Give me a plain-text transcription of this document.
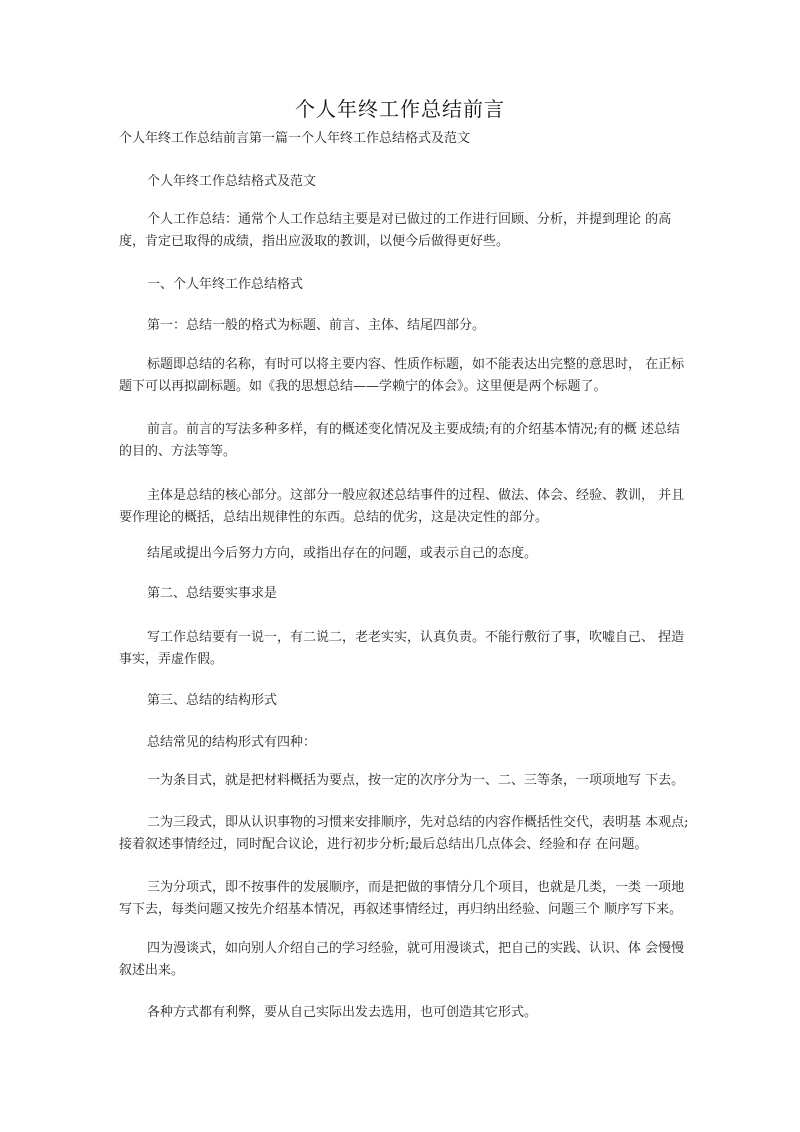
个人年终工作总结前言
个人年终工作总结前言第一篇一个人年终工作总结格式及范文
个人年终工作总结格式及范文
个人工作总结：通常个人工作总结主要是对已做过的工作进行回顾、分析，并提到理论 的高度，肯定已取得的成绩，指出应汲取的教训，以便今后做得更好些。
一、个人年终工作总结格式
第一：总结一般的格式为标题、前言、主体、结尾四部分。
标题即总结的名称，有时可以将主要内容、性质作标题，如不能表达出完整的意思时， 在正标题下可以再拟副标题。如《我的思想总结——学赖宁的体会》。这里便是两个标题了。
前言。前言的写法多种多样，有的概述变化情况及主要成绩;有的介绍基本情况;有的概 述总结的目的、方法等等。
主体是总结的核心部分。这部分一般应叙述总结事件的过程、做法、体会、经验、教训， 并且要作理论的概括，总结出规律性的东西。总结的优劣，这是决定性的部分。
结尾或提出今后努力方向，或指出存在的问题，或表示自己的态度。
第二、总结要实事求是
写工作总结要有一说一，有二说二，老老实实，认真负责。不能行敷衍了事，吹嘘自己、 捏造事实，弄虚作假。
第三、总结的结构形式
总结常见的结构形式有四种：
一为条目式，就是把材料概括为要点，按一定的次序分为一、二、三等条，一项项地写 下去。
二为三段式，即从认识事物的习惯来安排顺序，先对总结的内容作概括性交代，表明基 本观点;接着叙述事情经过，同时配合议论，进行初步分析;最后总结出几点体会、经验和存 在问题。
三为分项式，即不按事件的发展顺序，而是把做的事情分几个项目，也就是几类，一类 一项地写下去，每类问题又按先介绍基本情况，再叙述事情经过，再归纳出经验、问题三个 顺序写下来。
四为漫谈式，如向别人介绍自己的学习经验，就可用漫谈式，把自己的实践、认识、体 会慢慢叙述出来。
各种方式都有利弊，要从自己实际出发去选用，也可创造其它形式。
